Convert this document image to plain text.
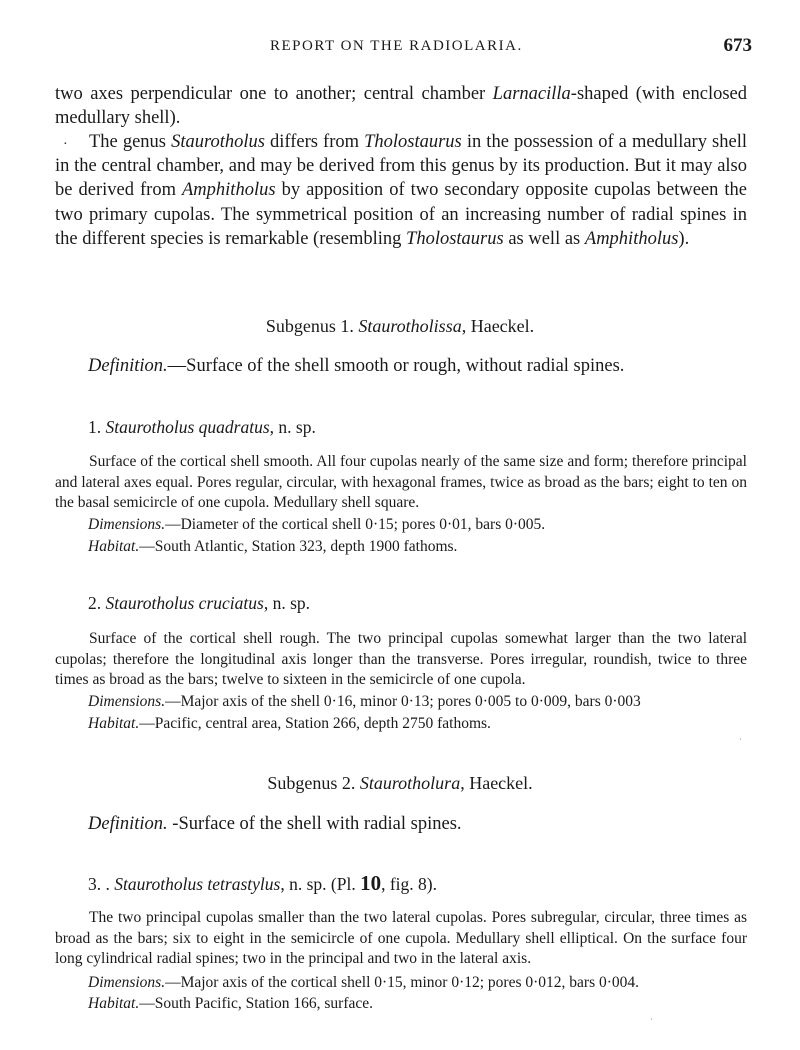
REPORT ON THE RADIOLARIA.	673
two axes perpendicular one to another; central chamber Larnacilla-shaped (with enclosed medullary shell).
·	The genus Staurotholus differs from Tholostaurus in the possession of a medullary shell in the central chamber, and may be derived from this genus by its production. But it may also be derived from Amphitholus by apposition of two secondary opposite cupolas between the two primary cupolas. The symmetrical position of an increasing number of radial spines in the different species is remarkable (resembling Tholostaurus as well as Amphitholus).
Subgenus 1. Staurotholissa, Haeckel.
Definition.—Surface of the shell smooth or rough, without radial spines.
1. Staurotholus quadratus, n. sp.
Surface of the cortical shell smooth. All four cupolas nearly of the same size and form; therefore principal and lateral axes equal. Pores regular, circular, with hexagonal frames, twice as broad as the bars; eight to ten on the basal semicircle of one cupola. Medullary shell square.
Dimensions.—Diameter of the cortical shell 0·15; pores 0·01, bars 0·005.
Habitat.—South Atlantic, Station 323, depth 1900 fathoms.
2. Staurotholus cruciatus, n. sp.
Surface of the cortical shell rough. The two principal cupolas somewhat larger than the two lateral cupolas; therefore the longitudinal axis longer than the transverse. Pores irregular, roundish, twice to three times as broad as the bars; twelve to sixteen in the semicircle of one cupola.
Dimensions.—Major axis of the shell 0·16, minor 0·13; pores 0·005 to 0·009, bars 0·003
Habitat.—Pacific, central area, Station 266, depth 2750 fathoms.
Subgenus 2. Staurotholura, Haeckel.
Definition. -Surface of the shell with radial spines.
3. . Staurotholus tetrastylus, n. sp. (Pl. 10, fig. 8).
The two principal cupolas smaller than the two lateral cupolas. Pores subregular, circular, three times as broad as the bars; six to eight in the semicircle of one cupola. Medullary shell elliptical. On the surface four long cylindrical radial spines; two in the principal and two in the lateral axis.
Dimensions.—Major axis of the cortical shell 0·15, minor 0·12; pores 0·012, bars 0·004.
Habitat.—South Pacific, Station 166, surface.
·
·
